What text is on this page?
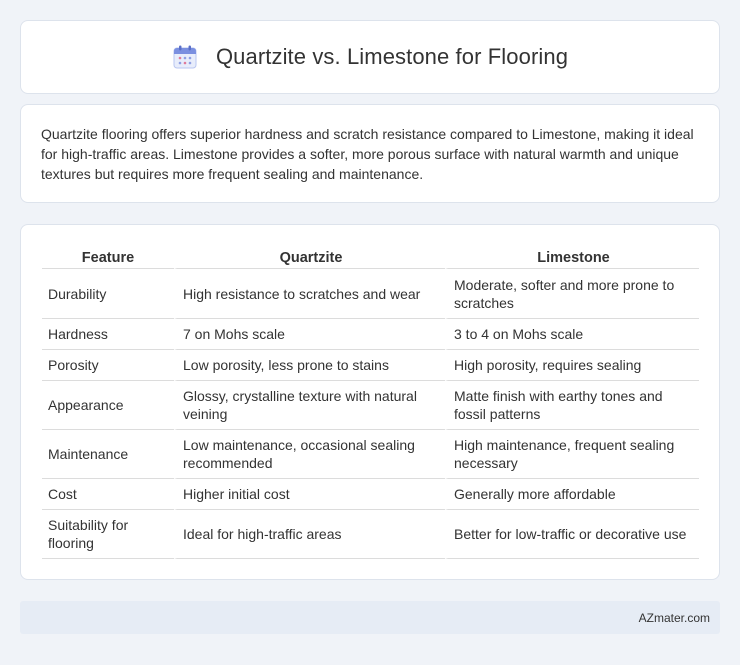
Quartzite vs. Limestone for Flooring

Quartzite flooring offers superior hardness and scratch resistance compared to Limestone, making it ideal for high-traffic areas. Limestone provides a softer, more porous surface with natural warmth and unique textures but requires more frequent sealing and maintenance.

Feature	Quartzite	Limestone
Durability	High resistance to scratches and wear	Moderate, softer and more prone to scratches
Hardness	7 on Mohs scale	3 to 4 on Mohs scale
Porosity	Low porosity, less prone to stains	High porosity, requires sealing
Appearance	Glossy, crystalline texture with natural veining	Matte finish with earthy tones and fossil patterns
Maintenance	Low maintenance, occasional sealing recommended	High maintenance, frequent sealing necessary
Cost	Higher initial cost	Generally more affordable
Suitability for flooring	Ideal for high-traffic areas	Better for low-traffic or decorative use
AZmater.com
